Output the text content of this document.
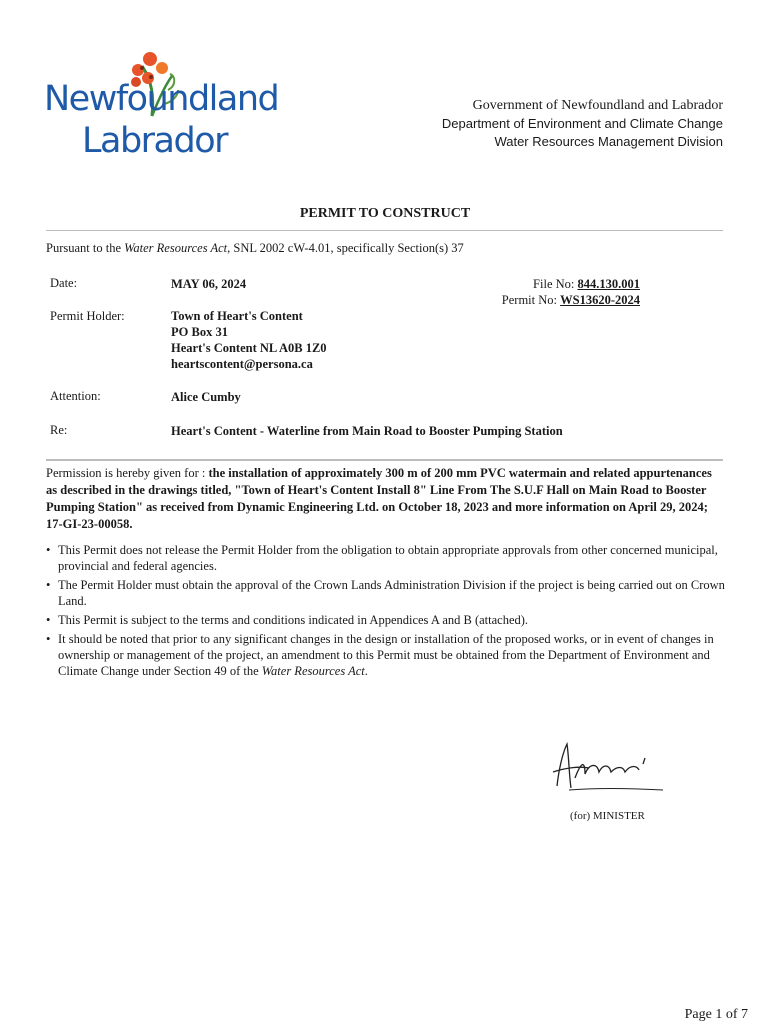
Newfoundland
Labrador
Government of Newfoundland and Labrador
Department of Environment and Climate Change
Water Resources Management Division
PERMIT TO CONSTRUCT
Pursuant to the Water Resources Act, SNL 2002 cW-4.01, specifically Section(s) 37
Date:	MAY 06, 2024	File No: 844.130.001
Permit No: WS13620-2024
Permit Holder:	Town of Heart's Content
PO Box 31
Heart's Content NL A0B 1Z0
heartscontent@persona.ca
Attention:	Alice Cumby
Re:	Heart's Content - Waterline from Main Road to Booster Pumping Station
Permission is hereby given for : the installation of approximately 300 m of 200 mm PVC watermain and related appurtenances as described in the drawings titled, "Town of Heart's Content Install 8" Line From The S.U.F Hall on Main Road to Booster Pumping Station" as received from Dynamic Engineering Ltd. on October 18, 2023 and more information on April 29, 2024; 17-GI-23-00058.
• This Permit does not release the Permit Holder from the obligation to obtain appropriate approvals from other concerned municipal, provincial and federal agencies.
• The Permit Holder must obtain the approval of the Crown Lands Administration Division if the project is being carried out on Crown Land.
• This Permit is subject to the terms and conditions indicated in Appendices A and B (attached).
• It should be noted that prior to any significant changes in the design or installation of the proposed works, or in event of changes in ownership or management of the project, an amendment to this Permit must be obtained from the Department of Environment and Climate Change under Section 49 of the Water Resources Act.
(for) MINISTER
Page 1 of 7
